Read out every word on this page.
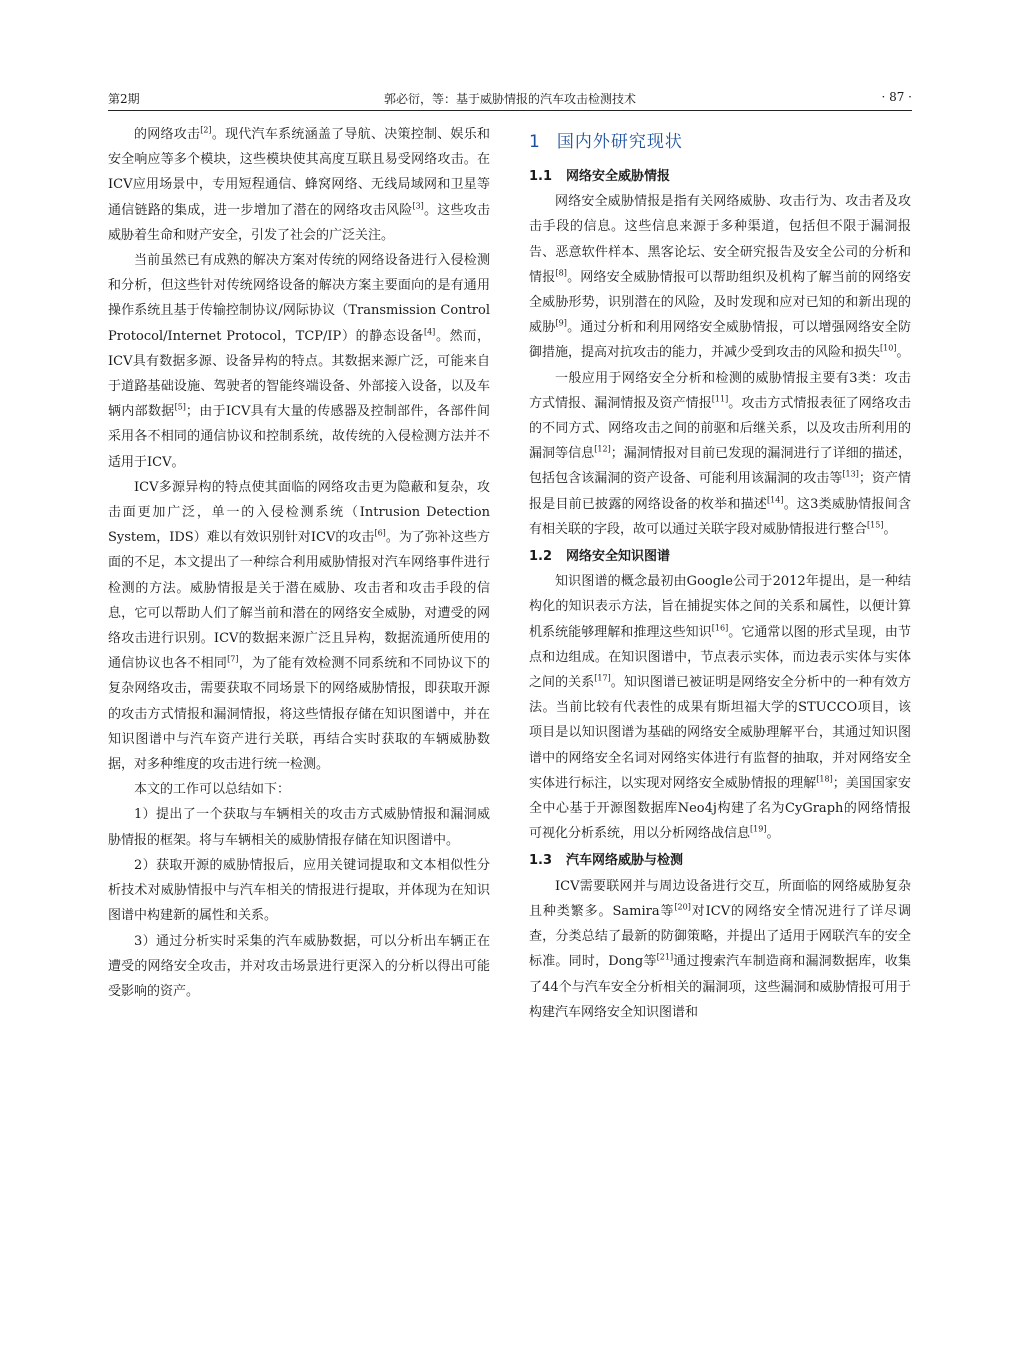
第2期	郭必衍，等：基于威胁情报的汽车攻击检测技术	· 87 ·

的网络攻击[2]。现代汽车系统涵盖了导航、决策控制、娱乐和安全响应等多个模块，这些模块使其高度互联且易受网络攻击。在ICV应用场景中，专用短程通信、蜂窝网络、无线局域网和卫星等通信链路的集成，进一步增加了潜在的网络攻击风险[3]。这些攻击威胁着生命和财产安全，引发了社会的广泛关注。

当前虽然已有成熟的解决方案对传统的网络设备进行入侵检测和分析，但这些针对传统网络设备的解决方案主要面向的是有通用操作系统且基于传输控制协议/网际协议（Transmission Control Protocol/Internet Protocol，TCP/IP）的静态设备[4]。然而，ICV具有数据多源、设备异构的特点。其数据来源广泛，可能来自于道路基础设施、驾驶者的智能终端设备、外部接入设备，以及车辆内部数据[5]；由于ICV具有大量的传感器及控制部件，各部件间采用各不相同的通信协议和控制系统，故传统的入侵检测方法并不适用于ICV。

ICV多源异构的特点使其面临的网络攻击更为隐蔽和复杂，攻击面更加广泛，单一的入侵检测系统（Intrusion Detection System，IDS）难以有效识别针对ICV的攻击[6]。为了弥补这些方面的不足，本文提出了一种综合利用威胁情报对汽车网络事件进行检测的方法。威胁情报是关于潜在威胁、攻击者和攻击手段的信息，它可以帮助人们了解当前和潜在的网络安全威胁，对遭受的网络攻击进行识别。ICV的数据来源广泛且异构，数据流通所使用的通信协议也各不相同[7]，为了能有效检测不同系统和不同协议下的复杂网络攻击，需要获取不同场景下的网络威胁情报，即获取开源的攻击方式情报和漏洞情报，将这些情报存储在知识图谱中，并在知识图谱中与汽车资产进行关联，再结合实时获取的车辆威胁数据，对多种维度的攻击进行统一检测。

本文的工作可以总结如下：

1）提出了一个获取与车辆相关的攻击方式威胁情报和漏洞威胁情报的框架。将与车辆相关的威胁情报存储在知识图谱中。

2）获取开源的威胁情报后，应用关键词提取和文本相似性分析技术对威胁情报中与汽车相关的情报进行提取，并体现为在知识图谱中构建新的属性和关系。

3）通过分析实时采集的汽车威胁数据，可以分析出车辆正在遭受的网络安全攻击，并对攻击场景进行更深入的分析以得出可能受影响的资产。

1 国内外研究现状
1.1 网络安全威胁情报

网络安全威胁情报是指有关网络威胁、攻击行为、攻击者及攻击手段的信息。这些信息来源于多种渠道，包括但不限于漏洞报告、恶意软件样本、黑客论坛、安全研究报告及安全公司的分析和情报[8]。网络安全威胁情报可以帮助组织及机构了解当前的网络安全威胁形势，识别潜在的风险，及时发现和应对已知的和新出现的威胁[9]。通过分析和利用网络安全威胁情报，可以增强网络安全防御措施，提高对抗攻击的能力，并减少受到攻击的风险和损失[10]。

一般应用于网络安全分析和检测的威胁情报主要有3类：攻击方式情报、漏洞情报及资产情报[11]。攻击方式情报表征了网络攻击的不同方式、网络攻击之间的前驱和后继关系，以及攻击所利用的漏洞等信息[12]；漏洞情报对目前已发现的漏洞进行了详细的描述，包括包含该漏洞的资产设备、可能利用该漏洞的攻击等[13]；资产情报是目前已披露的网络设备的枚举和描述[14]。这3类威胁情报间含有相关联的字段，故可以通过关联字段对威胁情报进行整合[15]。

1.2 网络安全知识图谱

知识图谱的概念最初由Google公司于2012年提出，是一种结构化的知识表示方法，旨在捕捉实体之间的关系和属性，以便计算机系统能够理解和推理这些知识[16]。它通常以图的形式呈现，由节点和边组成。在知识图谱中，节点表示实体，而边表示实体与实体之间的关系[17]。知识图谱已被证明是网络安全分析中的一种有效方法。当前比较有代表性的成果有斯坦福大学的STUCCO项目，该项目是以知识图谱为基础的网络安全威胁理解平台，其通过知识图谱中的网络安全名词对网络实体进行有监督的抽取，并对网络安全实体进行标注，以实现对网络安全威胁情报的理解[18]；美国国家安全中心基于开源图数据库Neo4j构建了名为CyGraph的网络情报可视化分析系统，用以分析网络战信息[19]。

1.3 汽车网络威胁与检测

ICV需要联网并与周边设备进行交互，所面临的网络威胁复杂且种类繁多。Samira等[20]对ICV的网络安全情况进行了详尽调查，分类总结了最新的防御策略，并提出了适用于网联汽车的安全标准。同时，Dong等[21]通过搜索汽车制造商和漏洞数据库，收集了44个与汽车安全分析相关的漏洞项，这些漏洞和威胁情报可用于构建汽车网络安全知识图谱和
